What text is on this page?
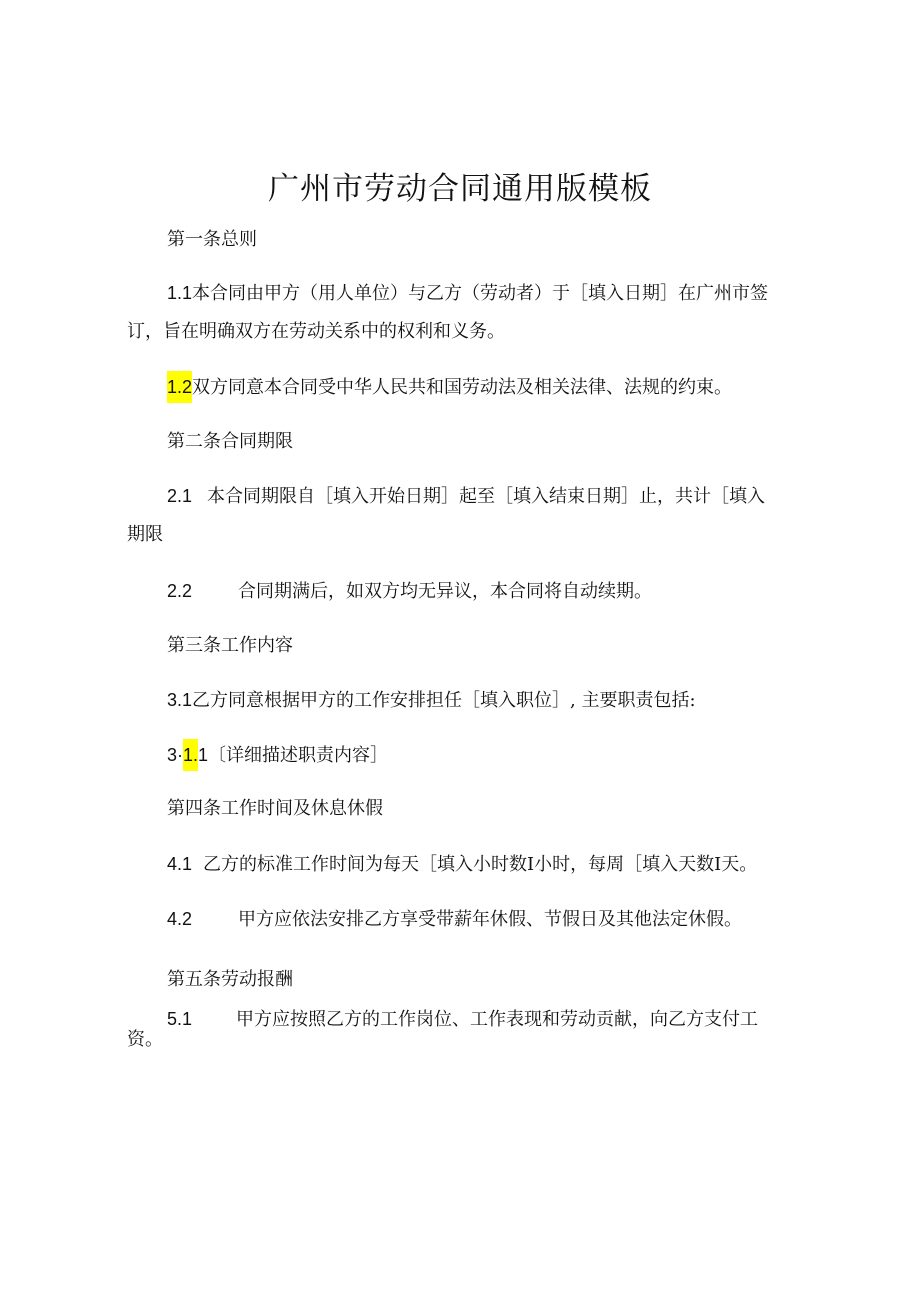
广州市劳动合同通用版模板

第一条总则

1.1本合同由甲方（用人单位）与乙方（劳动者）于［填入日期］在广州市签

订，旨在明确双方在劳动关系中的权利和义务。

1.2双方同意本合同受中华人民共和国劳动法及相关法律、法规的约束。

第二条合同期限

2.1 本合同期限自［填入开始日期］起至［填入结束日期］止，共计［填入

期限

2.2	合同期满后，如双方均无异议，本合同将自动续期。

第三条工作内容

3.1乙方同意根据甲方的工作安排担任［填入职位］, 主要职责包括:

3·1.1〔详细描述职责内容］

第四条工作时间及休息休假

4.1 乙方的标准工作时间为每天［填入小时数I小时，每周［填入天数I天。

4.2	甲方应依法安排乙方享受带薪年休假、节假日及其他法定休假。

第五条劳动报酬

5.1 甲方应按照乙方的工作岗位、工作表现和劳动贡献，向乙方支付工

资。
